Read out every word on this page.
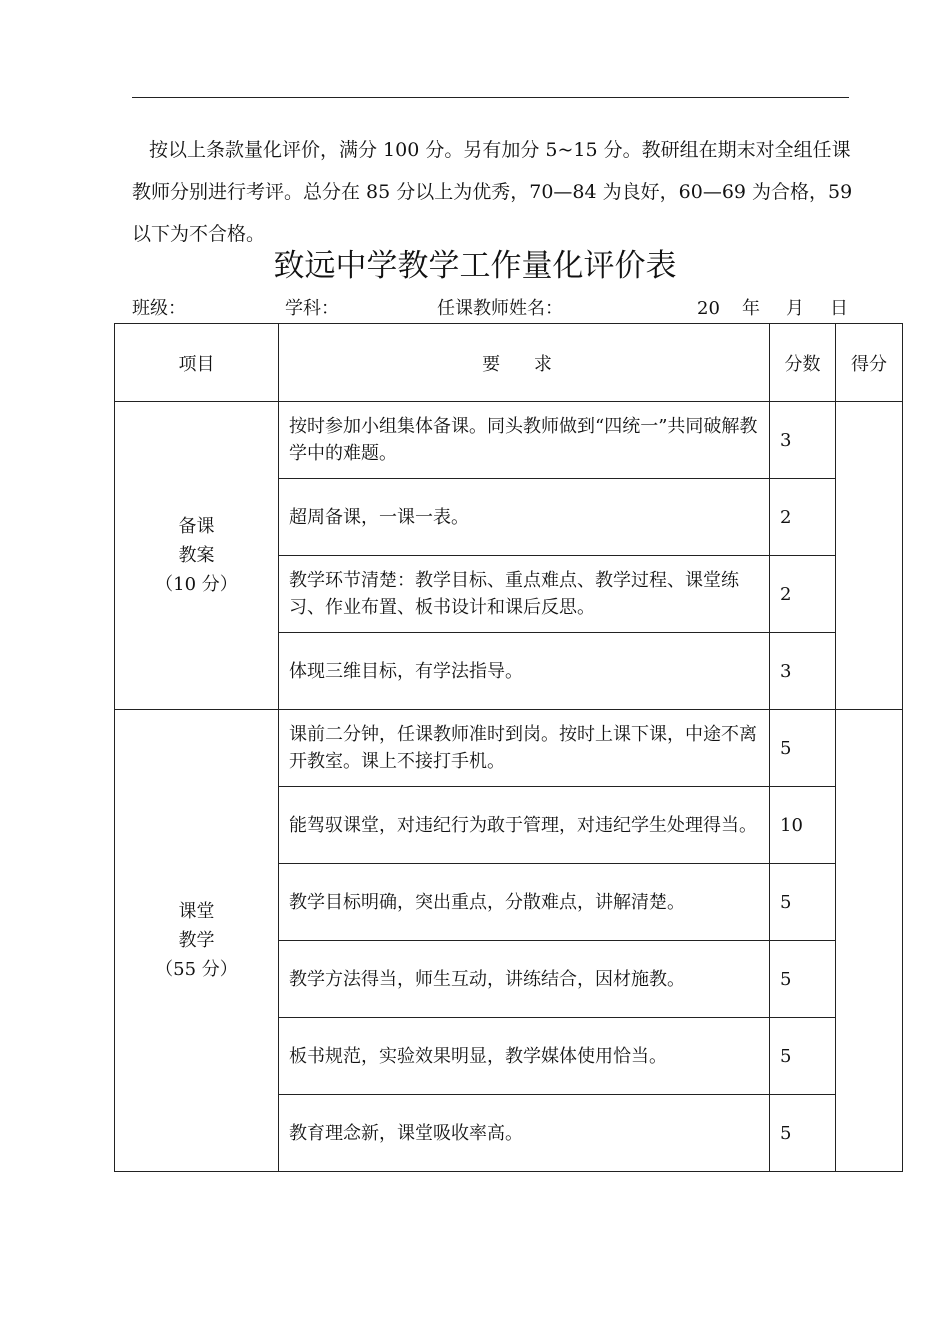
按以上条款量化评价，满分 100 分。另有加分 5~15 分。教研组在期末对全组任课教师分别进行考评。总分在 85 分以上为优秀，70—84 为良好，60—69 为合格，59 以下为不合格。

致远中学教学工作量化评价表
班级：	学科：	任课教师姓名：	20 年 月 日
项目	要 求	分数	得分

备课
教案
（10 分）	按时参加小组集体备课。同头教师做到“四统一”共同破解教学中的难题。	3	
	超周备课，一课一表。	2	
	教学环节清楚：教学目标、重点难点、教学过程、课堂练习、作业布置、板书设计和课后反思。	2	
	体现三维目标，有学法指导。	3	

课堂
教学
（55 分）	课前二分钟，任课教师准时到岗。按时上课下课，中途不离开教室。课上不接打手机。	5	
	能驾驭课堂，对违纪行为敢于管理，对违纪学生处理得当。	10	
	教学目标明确，突出重点，分散难点，讲解清楚。	5	
	教学方法得当，师生互动，讲练结合，因材施教。	5	
	板书规范，实验效果明显，教学媒体使用恰当。	5	
	教育理念新，课堂吸收率高。	5	
